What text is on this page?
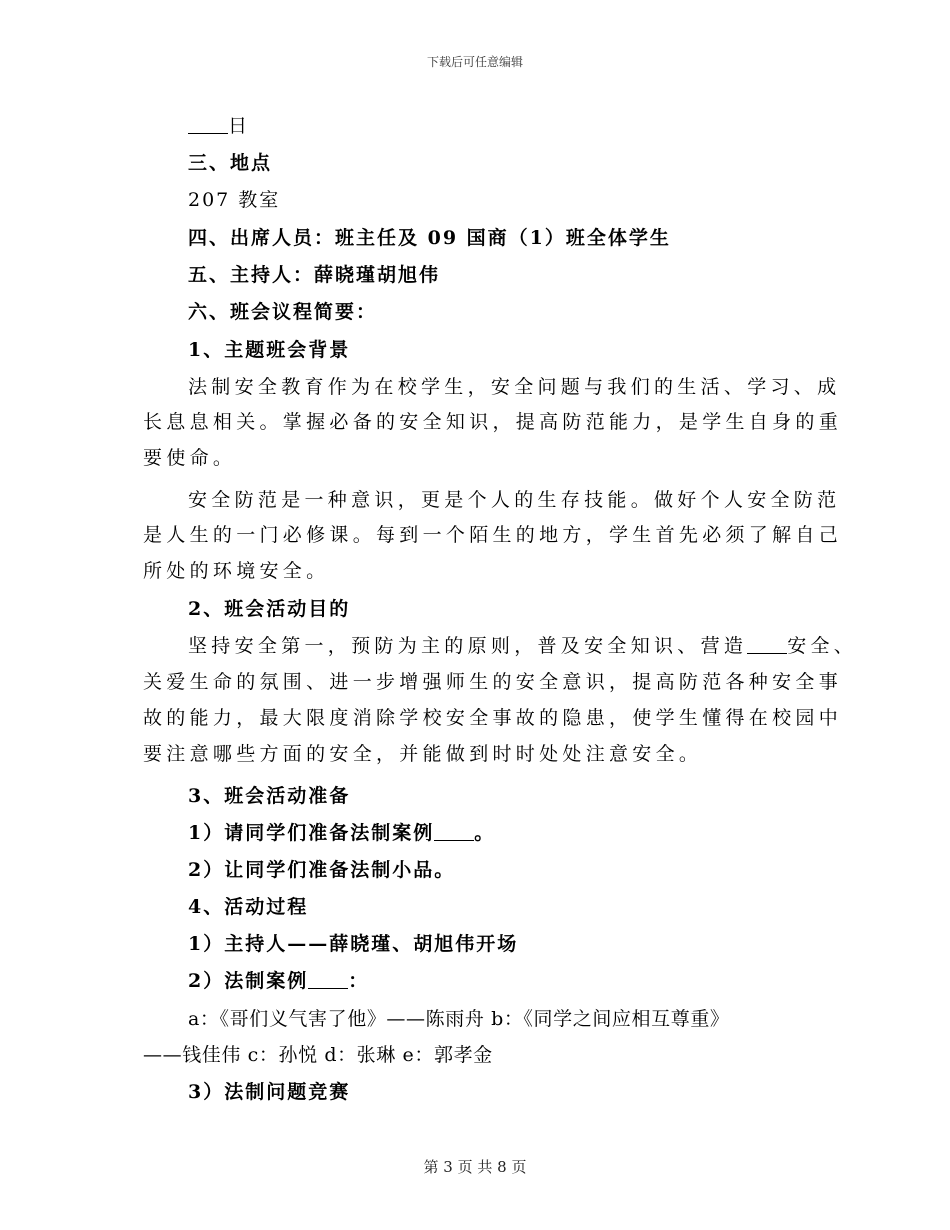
下载后可任意编辑
日
三、地点
207 教室
四、出席人员：班主任及 09 国商（1）班全体学生
五、主持人：薛晓瑾胡旭伟
六、班会议程简要：
1、主题班会背景
法制安全教育作为在校学生，安全问题与我们的生活、学习、成
长息息相关。掌握必备的安全知识，提高防范能力，是学生自身的重
要使命。
安全防范是一种意识，更是个人的生存技能。做好个人安全防范
是人生的一门必修课。每到一个陌生的地方，学生首先必须了解自己
所处的环境安全。
2、班会活动目的
坚持安全第一，预防为主的原则，普及安全知识、营造 安全、
关爱生命的氛围、进一步增强师生的安全意识，提高防范各种安全事
故的能力，最大限度消除学校安全事故的隐患，使学生懂得在校园中
要注意哪些方面的安全，并能做到时时处处注意安全。
3、班会活动准备
1）请同学们准备法制案例 。
2）让同学们准备法制小品。
4、活动过程
1）主持人——薛晓瑾、胡旭伟开场
2）法制案例 ：
a：《哥们义气害了他》——陈雨舟 b：《同学之间应相互尊重》
——钱佳伟 c：孙悦 d：张琳 e：郭孝金
3）法制问题竞赛
第 3 页 共 8 页
